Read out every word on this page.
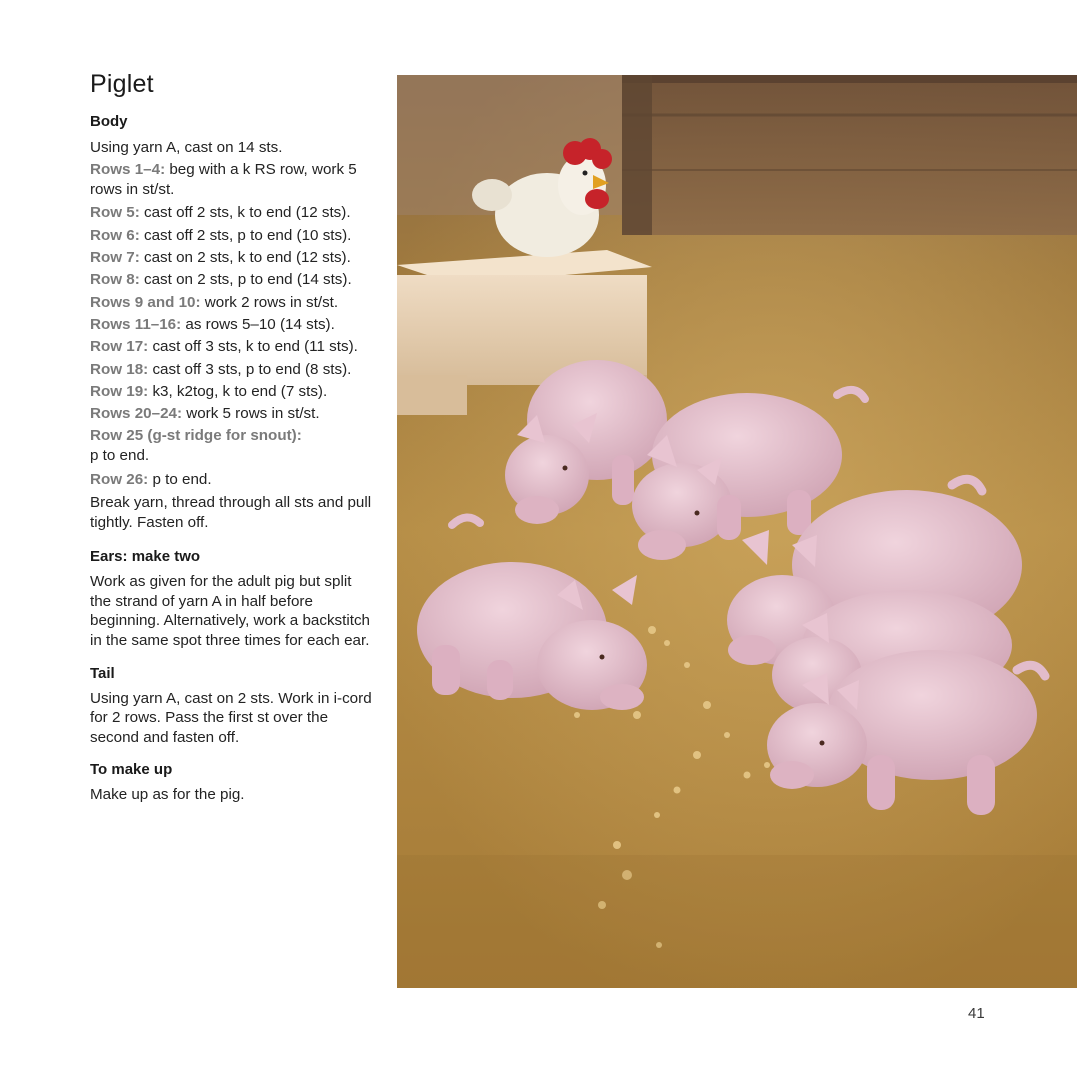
Piglet
Body

Using yarn A, cast on 14 sts.

Rows 1–4: beg with a k RS row, work 5 rows in st/st.

Row 5: cast off 2 sts, k to end (12 sts).

Row 6: cast off 2 sts, p to end (10 sts).

Row 7: cast on 2 sts, k to end (12 sts).

Row 8: cast on 2 sts, p to end (14 sts).

Rows 9 and 10: work 2 rows in st/st.

Rows 11–16: as rows 5–10 (14 sts).

Row 17: cast off 3 sts, k to end (11 sts).

Row 18: cast off 3 sts, p to end (8 sts).

Row 19: k3, k2tog, k to end (7 sts).

Rows 20–24: work 5 rows in st/st.

Row 25 (g-st ridge for snout):
p to end.

Row 26: p to end.

Break yarn, thread through all sts and pull tightly. Fasten off.

Ears: make two

Work as given for the adult pig but split the strand of yarn A in half before beginning. Alternatively, work a backstitch in the same spot three times for each ear.

Tail

Using yarn A, cast on 2 sts. Work in i-cord for 2 rows. Pass the first st over the second and fasten off.

To make up

Make up as for the pig.

41
